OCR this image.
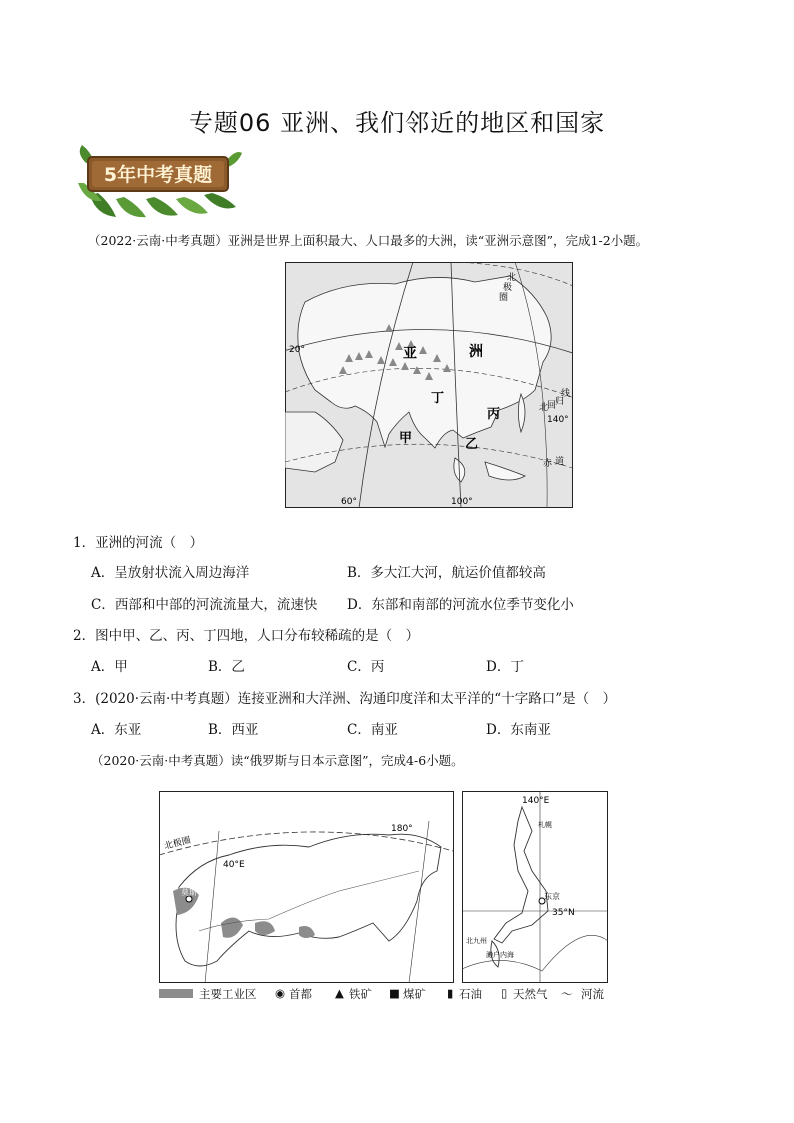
专题06 亚洲、我们邻近的地区和国家
5年中考真题
（2022·云南·中考真题）亚洲是世界上面积最大、人口最多的大洲，读“亚洲示意图”，完成1-2小题。
亚	洲
丁
丙
甲	乙
20°
60°	100°
140°
北
极
圈
北
回
归
线
赤 道
1．亚洲的河流（　）
A．呈放射状流入周边海洋	B．多大江大河，航运价值都较高
C．西部和中部的河流流量大，流速快 D．东部和南部的河流水位季节变化小
2．图中甲、乙、丙、丁四地，人口分布较稀疏的是（　）
A．甲	B．乙	C．丙	D．丁
3．(2020·云南·中考真题）连接亚洲和大洋洲、沟通印度洋和太平洋的“十字路口”是（　）
A．东亚	B．西亚	C．南亚	D．东南亚
（2020·云南·中考真题）读“俄罗斯与日本示意图”，完成4-6小题。
北极圈
莫斯科
40°E
180°
140°E
35°N
东京
札幌
北九州
濑户内海
主要工业区 ◉ 首都 ▲ 铁矿 ■ 煤矿 ▮ 石油 ▯ 天然气 〜 河流
